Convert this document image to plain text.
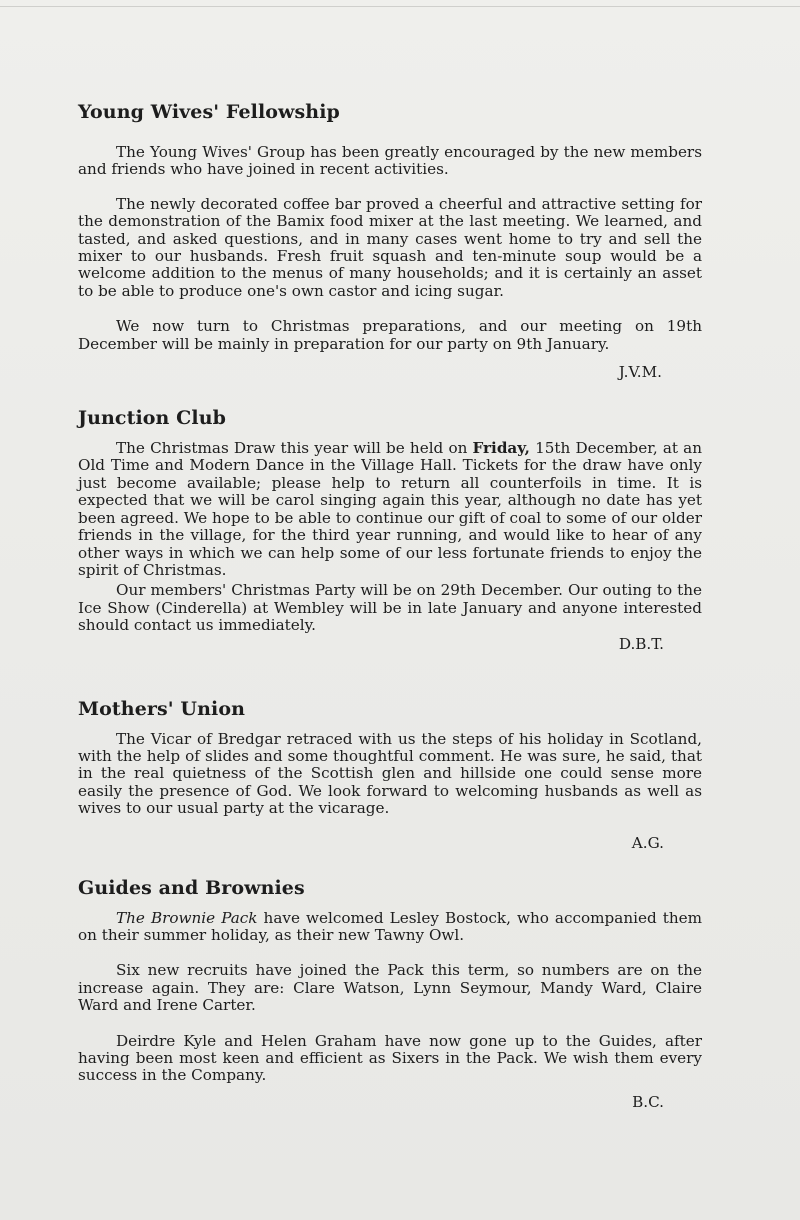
Young Wives' Fellowship

The Young Wives' Group has been greatly encouraged by the new members and friends who have joined in recent activities.

The newly decorated coffee bar proved a cheerful and attractive setting for the demonstration of the Bamix food mixer at the last meeting. We learned, and tasted, and asked questions, and in many cases went home to try and sell the mixer to our husbands. Fresh fruit squash and ten-minute soup would be a welcome addition to the menus of many households; and it is certainly an asset to be able to produce one's own castor and icing sugar.

We now turn to Christmas preparations, and our meeting on 19th December will be mainly in preparation for our party on 9th January.

J.V.M.
Junction Club

The Christmas Draw this year will be held on Friday, 15th December, at an Old Time and Modern Dance in the Village Hall. Tickets for the draw have only just become available; please help to return all counterfoils in time. It is expected that we will be carol singing again this year, although no date has yet been agreed. We hope to be able to continue our gift of coal to some of our older friends in the village, for the third year running, and would like to hear of any other ways in which we can help some of our less fortunate friends to enjoy the spirit of Christmas.

Our members' Christmas Party will be on 29th December. Our outing to the Ice Show (Cinderella) at Wembley will be in late January and anyone interested should contact us immediately.

D.B.T.
Mothers' Union

The Vicar of Bredgar retraced with us the steps of his holiday in Scotland, with the help of slides and some thoughtful comment. He was sure, he said, that in the real quietness of the Scottish glen and hillside one could sense more easily the presence of God. We look forward to welcoming husbands as well as wives to our usual party at the vicarage.

A.G.
Guides and Brownies

The Brownie Pack have welcomed Lesley Bostock, who accompanied them on their summer holiday, as their new Tawny Owl.

Six new recruits have joined the Pack this term, so numbers are on the increase again. They are: Clare Watson, Lynn Seymour, Mandy Ward, Claire Ward and Irene Carter.

Deirdre Kyle and Helen Graham have now gone up to the Guides, after having been most keen and efficient as Sixers in the Pack. We wish them every success in the Company.

B.C.
